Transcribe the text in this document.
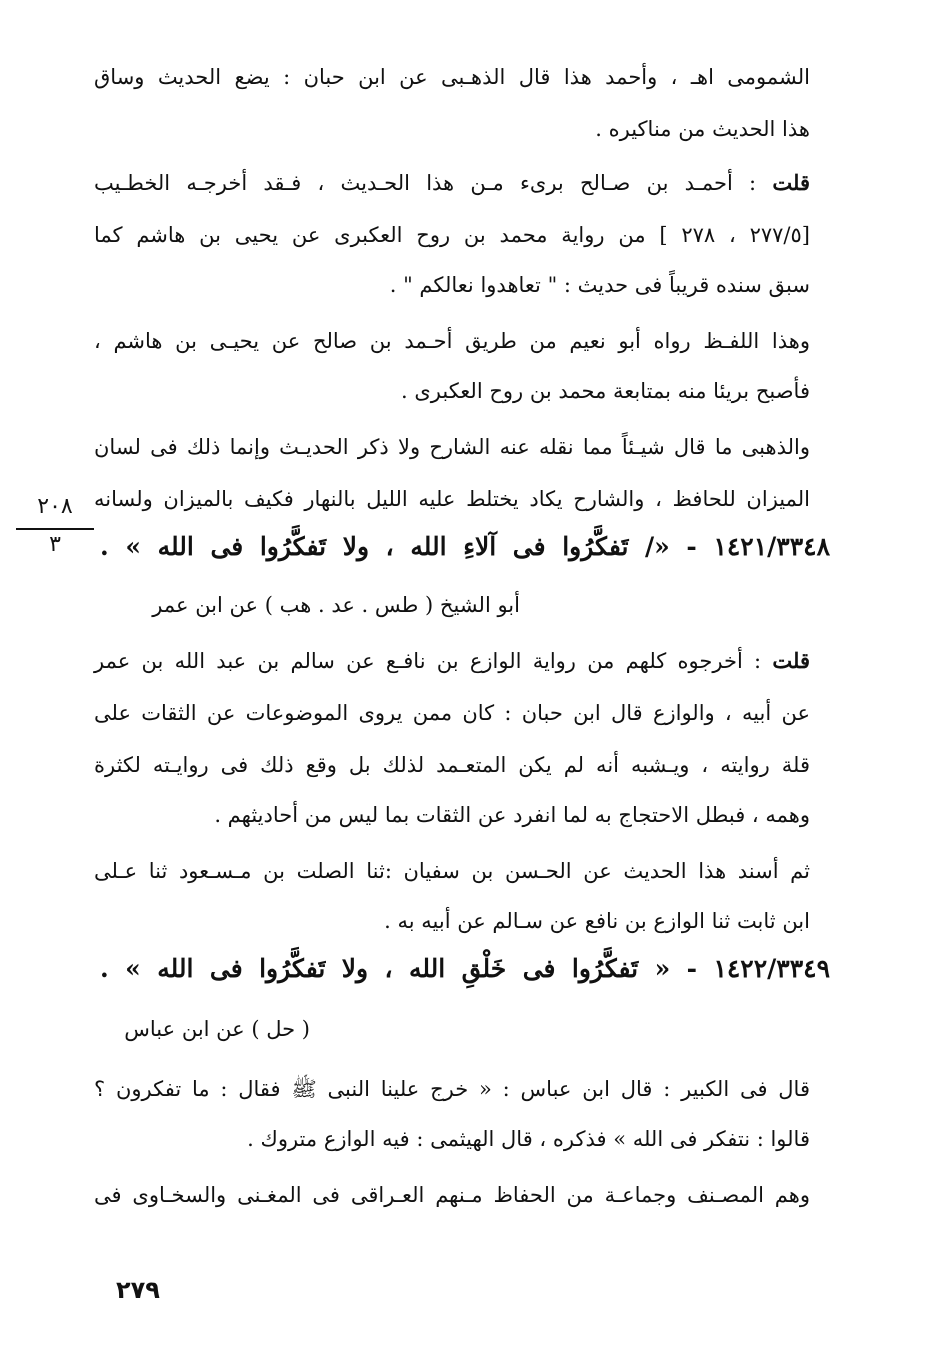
الشمومى اهـ ، وأحمد هذا قال الذهـبى عن ابن حبان : يضع الحديث وساق
هذا الحديث من مناكيره .
قلت : أحمـد بن صـالح برىء مـن هذا الحـديث ، فـقد أخرجـه الخطـيب
[٢٧٧/٥ ، ٢٧٨ ] من رواية محمد بن روح العكبرى عن يحيى بن هاشم كما
سبق سنده قريباً فى حديث : " تعاهدوا نعالكم " .
وهذا اللفـظ رواه أبو نعيم من طريق أحـمد بن صالح عن يحيـى بن هاشم ،
فأصبح بريئا منه بمتابعة محمد بن روح العكبرى .
والذهبى ما قال شيـئاً مما نقله عنه الشارح ولا ذكر الحديـث وإنما ذلك فى لسان
الميزان للحافظ ، والشارح يكاد يختلط عليه الليل بالنهار فكيف بالميزان ولسانه
١٤٢١/٣٣٤٨ - «/ تَفكَّرُوا فى آلاءِ الله ، ولا تَفكَّرُوا فى الله » .
أبو الشيخ ( طس . عد . هب ) عن ابن عمر
قلت : أخرجوه كلهم من رواية الوازع بن نافـع عن سالم بن عبد الله بن عمر
عن أبيه ، والوازع قال ابن حبان : كان ممن يروى الموضوعات عن الثقات على
قلة روايته ، ويـشبه أنه لم يكن المتعـمد لذلك بل وقع ذلك فى روايـته لكثرة
وهمه ، فبطل الاحتجاج به لما انفرد عن الثقات بما ليس من أحاديثهم .
ثم أسند هذا الحديث عن الحـسن بن سفيان :ثنا الصلت بن مـسـعود ثنا عـلى
ابن ثابت ثنا الوازع بن نافع عن سـالم عن أبيه به .
١٤٢٢/٣٣٤٩ - « تَفكَّرُوا فى خَلْقِ الله ، ولا تَفكَّرُوا فى الله » .
( حل ) عن ابن عباس
قال فى الكبير : قال ابن عباس : « خرج علينا النبى ﷺ فقال : ما تفكرون ؟
قالوا : نتفكر فى الله » فذكره ، قال الهيثمى : فيه الوازع متروك .
وهم المصـنف وجماعـة من الحفاظ مـنهم العـراقى فى المغـنى والسخـاوى فى
٢٠٨
٣
٢٧٩
